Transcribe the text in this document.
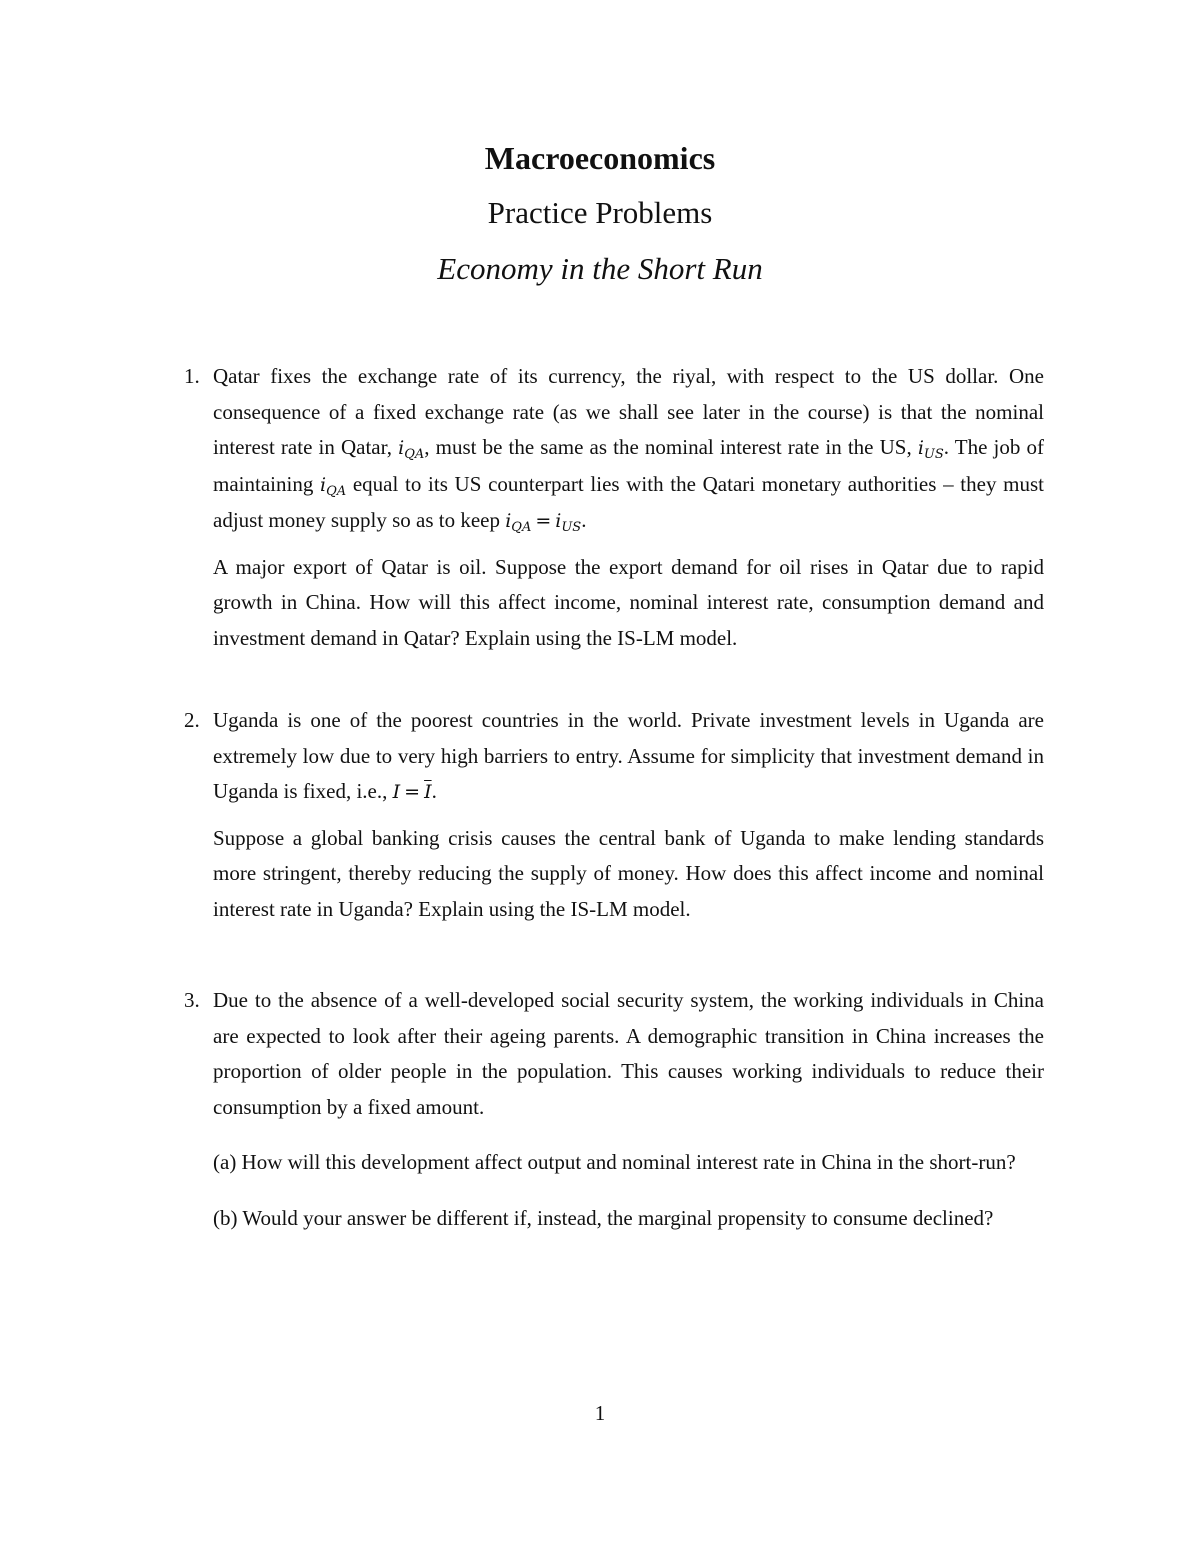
Macroeconomics
Practice Problems
Economy in the Short Run
1. Qatar fixes the exchange rate of its currency, the riyal, with respect to the US dollar. One consequence of a fixed exchange rate (as we shall see later in the course) is that the nominal interest rate in Qatar, $i_{QA}$, must be the same as the nominal interest rate in the US, $i_{US}$. The job of maintaining $i_{QA}$ equal to its US counterpart lies with the Qatari monetary authorities – they must adjust money supply so as to keep $i_{QA} = i_{US}$.

A major export of Qatar is oil. Suppose the export demand for oil rises in Qatar due to rapid growth in China. How will this affect income, nominal interest rate, consumption demand and investment demand in Qatar? Explain using the IS-LM model.

2. Uganda is one of the poorest countries in the world. Private investment levels in Uganda are extremely low due to very high barriers to entry. Assume for simplicity that investment demand in Uganda is fixed, i.e., $I = \overline{I}$.

Suppose a global banking crisis causes the central bank of Uganda to make lending standards more stringent, thereby reducing the supply of money. How does this affect income and nominal interest rate in Uganda? Explain using the IS-LM model.

3. Due to the absence of a well-developed social security system, the working individuals in China are expected to look after their ageing parents. A demographic transition in China increases the proportion of older people in the population. This causes working individuals to reduce their consumption by a fixed amount.

(a) How will this development affect output and nominal interest rate in China in the short-run?

(b) Would your answer be different if, instead, the marginal propensity to consume declined?

1
